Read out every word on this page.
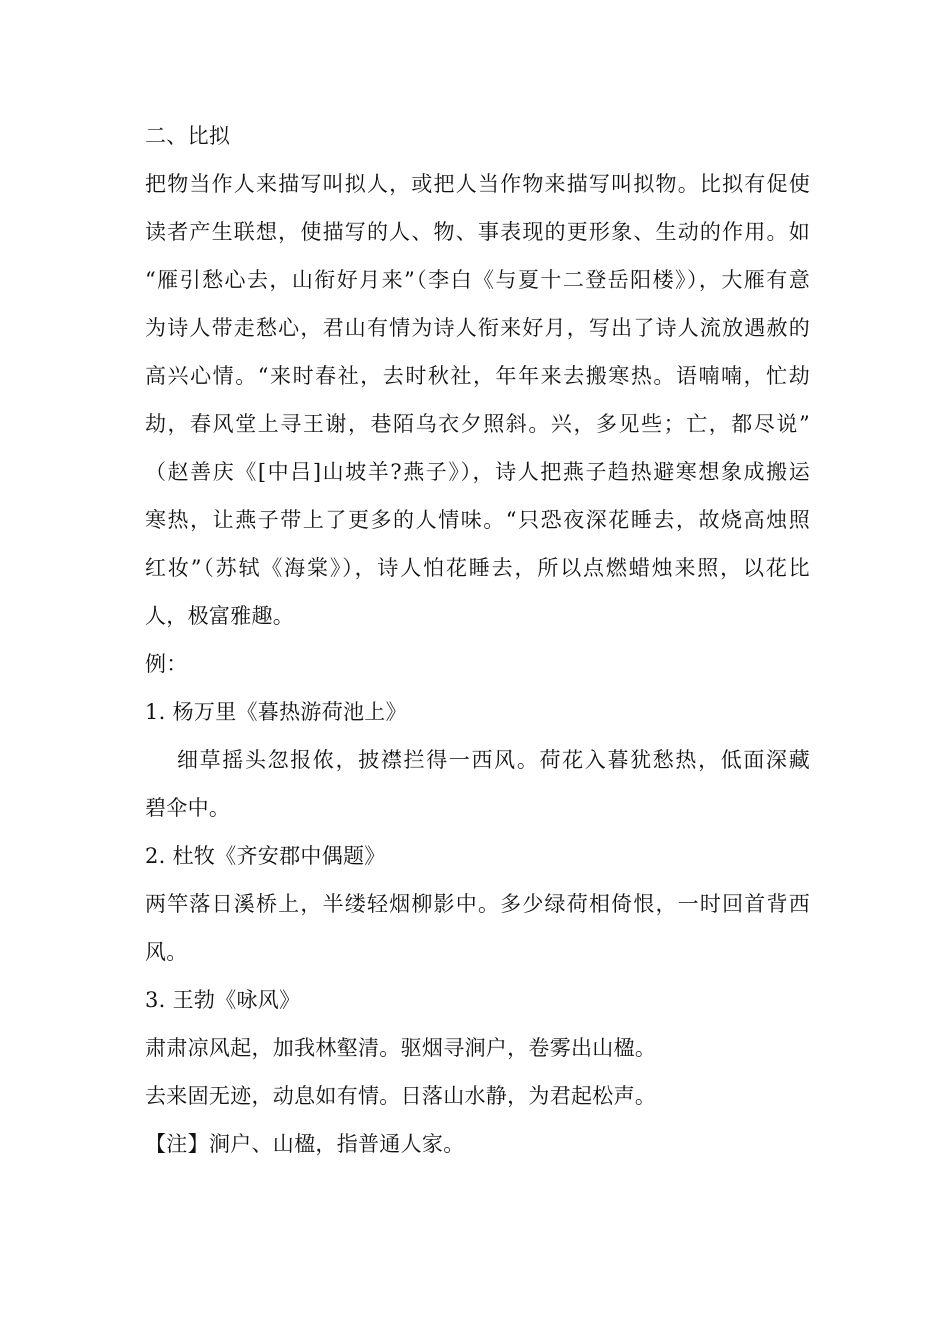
二、比拟
把物当作人来描写叫拟人，或把人当作物来描写叫拟物。比拟有促使
读者产生联想，使描写的人、物、事表现的更形象、生动的作用。如
“雁引愁心去，山衔好月来”（李白《与夏十二登岳阳楼》），大雁有意
为诗人带走愁心，君山有情为诗人衔来好月，写出了诗人流放遇赦的
高兴心情。“来时春社，去时秋社，年年来去搬寒热。语喃喃，忙劫
劫，春风堂上寻王谢，巷陌乌衣夕照斜。兴，多见些；亡，都尽说”
（赵善庆《[中吕]山坡羊?燕子》），诗人把燕子趋热避寒想象成搬运
寒热，让燕子带上了更多的人情味。“只恐夜深花睡去，故烧高烛照
红妆”（苏轼《海棠》），诗人怕花睡去，所以点燃蜡烛来照，以花比
人，极富雅趣。
例：
1. 杨万里《暮热游荷池上》
细草摇头忽报侬，披襟拦得一西风。荷花入暮犹愁热，低面深藏
碧伞中。
2. 杜牧《齐安郡中偶题》
两竿落日溪桥上，半缕轻烟柳影中。多少绿荷相倚恨，一时回首背西
风。
3. 王勃《咏风》
肃肃凉风起，加我林壑清。驱烟寻涧户，卷雾出山楹。
去来固无迹，动息如有情。日落山水静，为君起松声。
【注】涧户、山楹，指普通人家。
